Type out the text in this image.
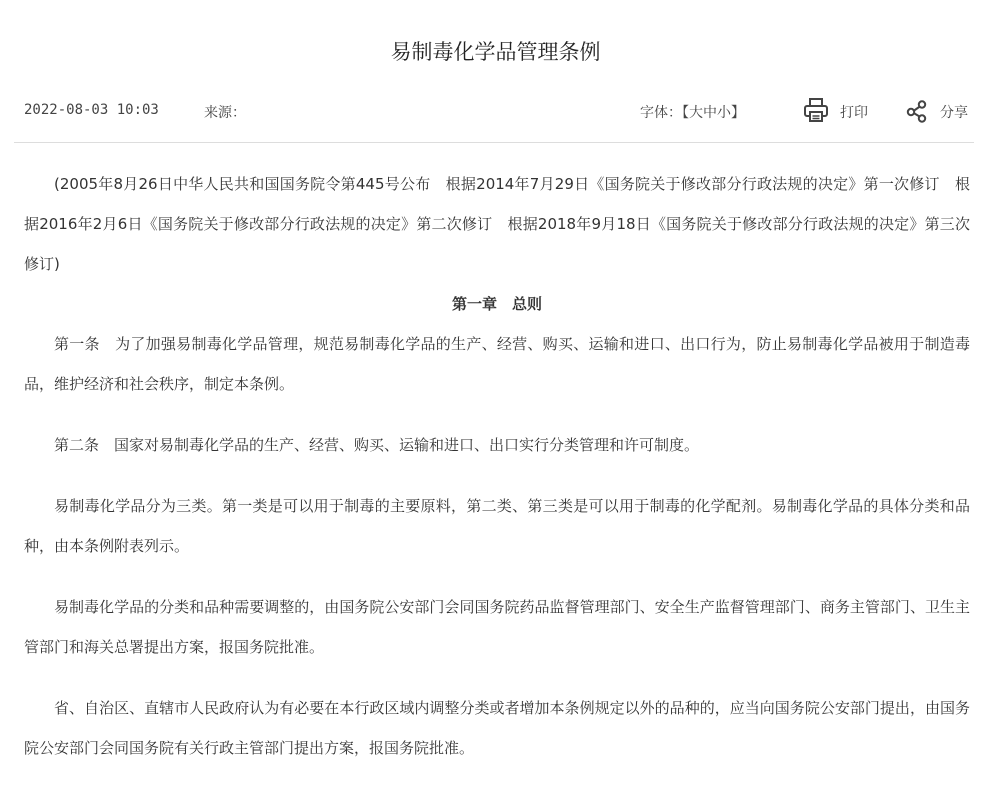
易制毒化学品管理条例
2022-08-03 10:03	来源：	字体：【大中小】	打印	分享

(2005年8月26日中华人民共和国国务院令第445号公布　根据2014年7月29日《国务院关于修改部分行政法规的决定》第一次修订　根据2016年2月6日《国务院关于修改部分行政法规的决定》第二次修订　根据2018年9月18日《国务院关于修改部分行政法规的决定》第三次修订)

第一章　总则

第一条　为了加强易制毒化学品管理，规范易制毒化学品的生产、经营、购买、运输和进口、出口行为，防止易制毒化学品被用于制造毒品，维护经济和社会秩序，制定本条例。

第二条　国家对易制毒化学品的生产、经营、购买、运输和进口、出口实行分类管理和许可制度。

易制毒化学品分为三类。第一类是可以用于制毒的主要原料，第二类、第三类是可以用于制毒的化学配剂。易制毒化学品的具体分类和品种，由本条例附表列示。

易制毒化学品的分类和品种需要调整的，由国务院公安部门会同国务院药品监督管理部门、安全生产监督管理部门、商务主管部门、卫生主管部门和海关总署提出方案，报国务院批准。

省、自治区、直辖市人民政府认为有必要在本行政区域内调整分类或者增加本条例规定以外的品种的，应当向国务院公安部门提出，由国务院公安部门会同国务院有关行政主管部门提出方案，报国务院批准。
